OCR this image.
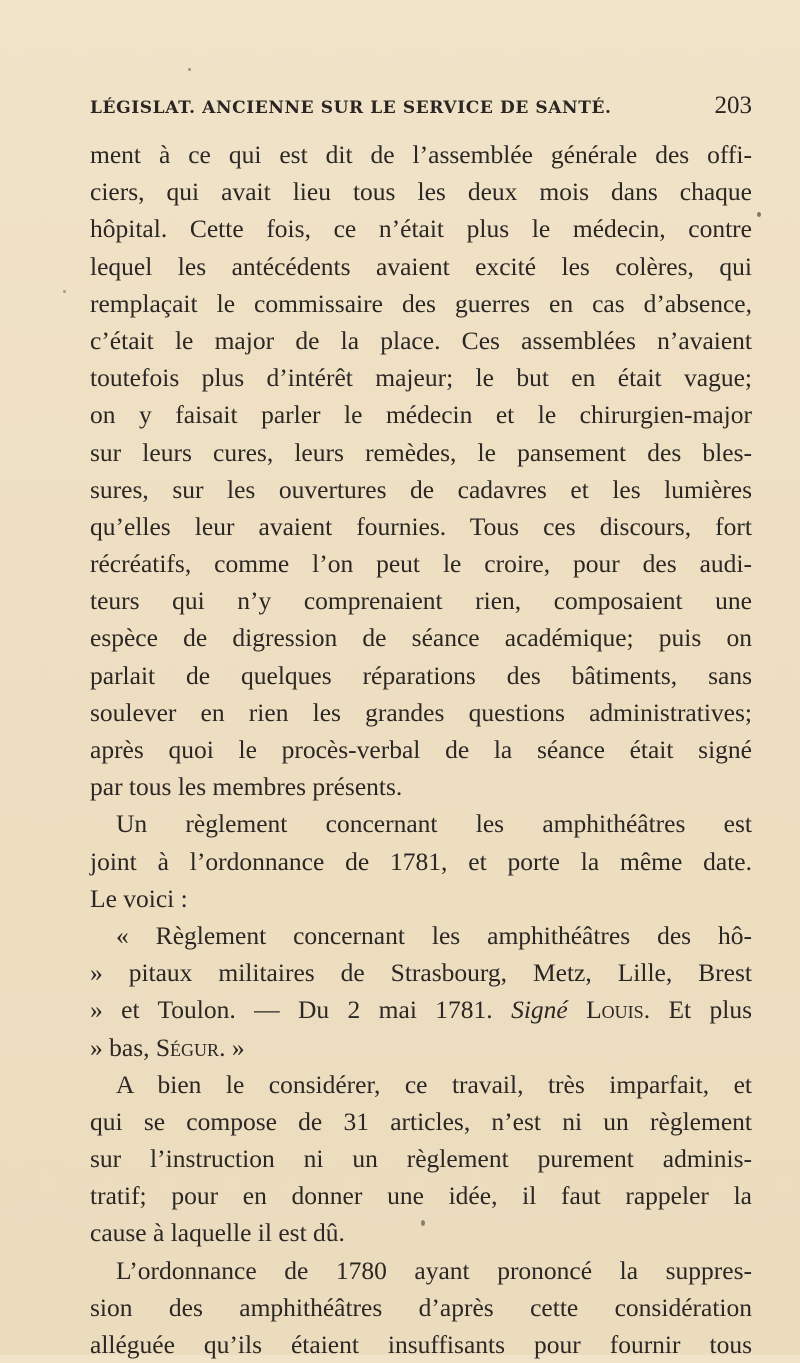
LÉGISLAT. ANCIENNE SUR LE SERVICE DE SANTÉ.	203
ment à ce qui est dit de l’assemblée générale des offi-
ciers, qui avait lieu tous les deux mois dans chaque
hôpital. Cette fois, ce n’était plus le médecin, contre
lequel les antécédents avaient excité les colères, qui
remplaçait le commissaire des guerres en cas d’absence,
c’était le major de la place. Ces assemblées n’avaient
toutefois plus d’intérêt majeur; le but en était vague;
on y faisait parler le médecin et le chirurgien-major
sur leurs cures, leurs remèdes, le pansement des bles-
sures, sur les ouvertures de cadavres et les lumières
qu’elles leur avaient fournies. Tous ces discours, fort
récréatifs, comme l’on peut le croire, pour des audi-
teurs qui n’y comprenaient rien, composaient une
espèce de digression de séance académique; puis on
parlait de quelques réparations des bâtiments, sans
soulever en rien les grandes questions administratives;
après quoi le procès-verbal de la séance était signé
par tous les membres présents.
Un règlement concernant les amphithéâtres est
joint à l’ordonnance de 1781, et porte la même date.
Le voici :
« Règlement concernant les amphithéâtres des hô-
» pitaux militaires de Strasbourg, Metz, Lille, Brest
» et Toulon. — Du 2 mai 1781. Signé Louis. Et plus
» bas, Ségur. »
A bien le considérer, ce travail, très imparfait, et
qui se compose de 31 articles, n’est ni un règlement
sur l’instruction ni un règlement purement adminis-
tratif; pour en donner une idée, il faut rappeler la
cause à laquelle il est dû.
L’ordonnance de 1780 ayant prononcé la suppres-
sion des amphithéâtres d’après cette considération
alléguée qu’ils étaient insuffisants pour fournir tous
